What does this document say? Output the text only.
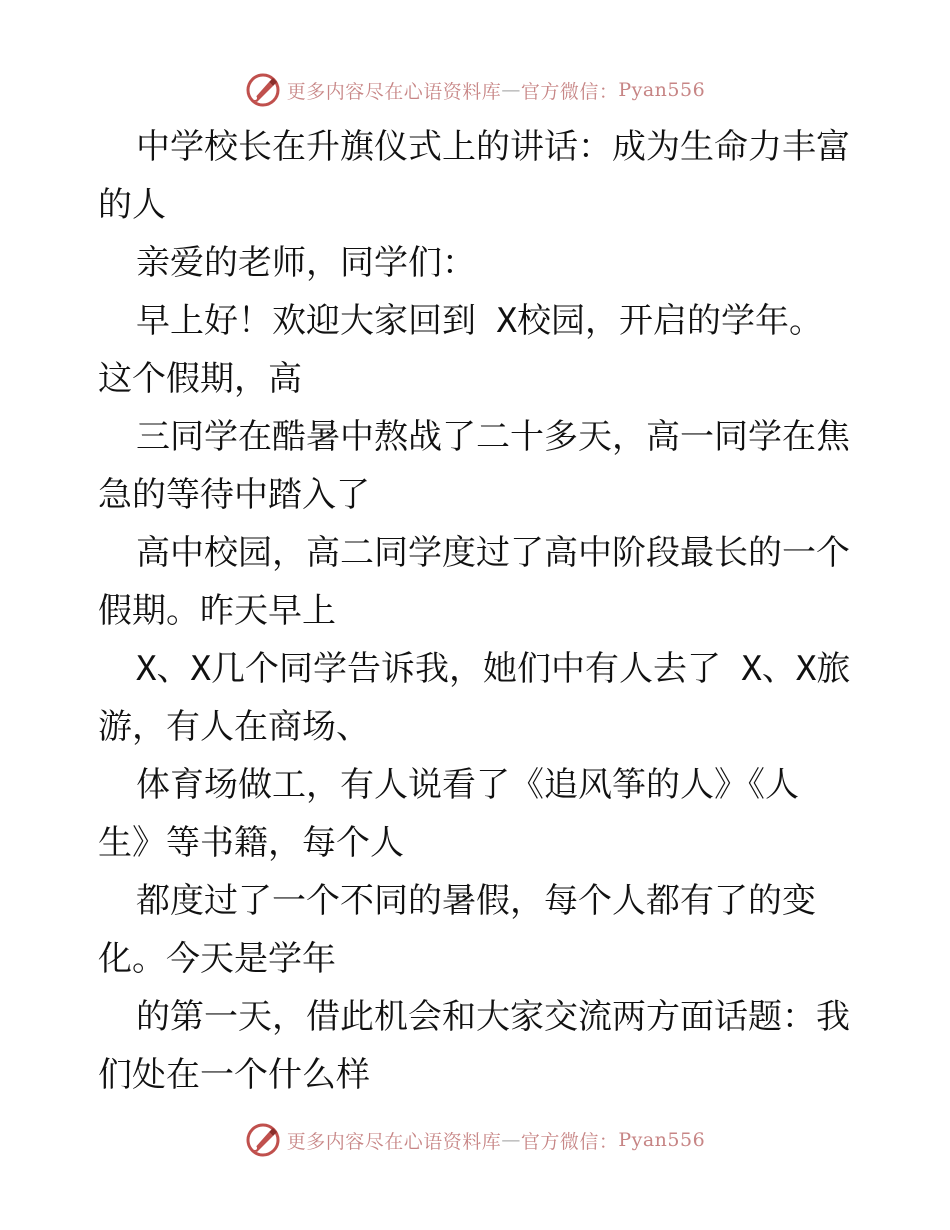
更多内容尽在心语资料库 — 官方微信： Pyan556

中学校长在升旗仪式上的讲话：成为生命力丰富
的人

亲爱的老师，同学们：

早上好！欢迎大家回到 X校园，开启的学年。
这个假期，高

三同学在酷暑中熬战了二十多天，高一同学在焦
急的等待中踏入了

高中校园，高二同学度过了高中阶段最长的一个
假期。昨天早上

X、X几个同学告诉我，她们中有人去了 X、X旅
游，有人在商场、

体育场做工，有人说看了《追风筝的人》《人
生》等书籍，每个人

都度过了一个不同的暑假，每个人都有了的变
化。今天是学年

的第一天，借此机会和大家交流两方面话题：我
们处在一个什么样

更多内容尽在心语资料库 — 官方微信： Pyan556
